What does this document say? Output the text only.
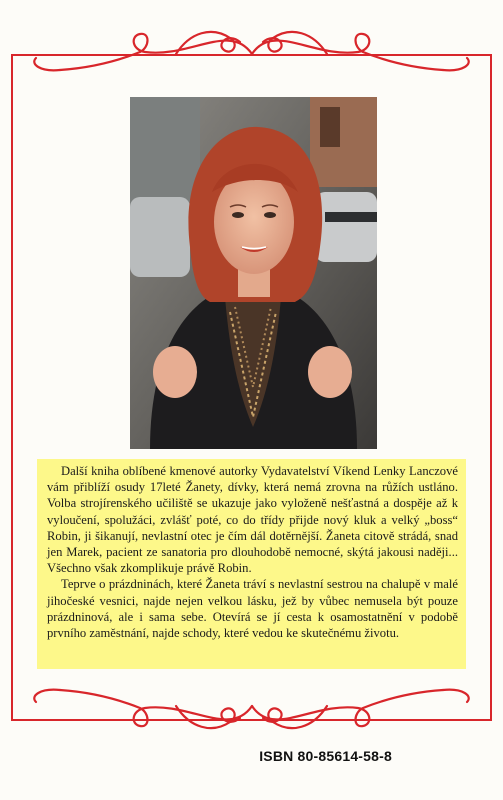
Další kniha oblíbené kmenové autorky Vydavatelství Víkend Lenky Lanczové vám přiblíží osudy 17leté Žanety, dívky, která nemá zrovna na růžích ustláno. Volba strojírenského učiliště se ukazuje jako vyloženě nešťastná a dospěje až k vyloučení, spolužáci, zvlášť poté, co do třídy přijde nový kluk a velký „boss“ Robin, ji šikanují, nevlastní otec je čím dál dotěrnější. Žaneta citově strádá, snad jen Marek, pacient ze sanatoria pro dlouhodobě nemocné, skýtá jakousi naději... Všechno však zkomplikuje právě Robin.

Teprve o prázdninách, které Žaneta tráví s nevlastní sestrou na chalupě v malé jihočeské vesnici, najde nejen velkou lásku, jež by vůbec nemusela být pouze prázdninová, ale i sama sebe. Otevírá se jí cesta k osamostatnění v podobě prvního zaměstnání, najde schody, které vedou ke skutečnému životu.

ISBN 80-85614-58-8
